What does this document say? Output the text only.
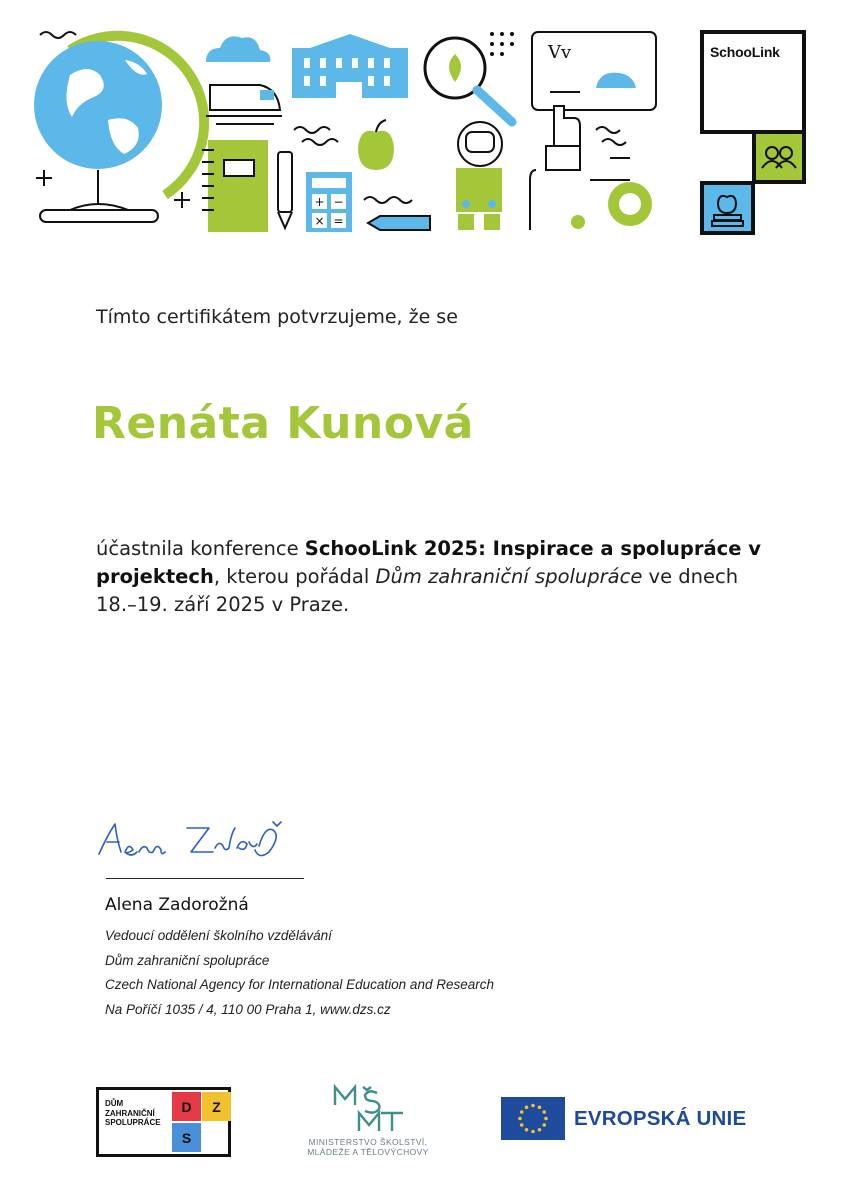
+ −
× =
Vv	SchooLink
Tímto certifikátem potvrzujeme, že se
Renáta Kunová
účastnila konference SchooLink 2025: Inspirace a spolupráce v projektech, kterou pořádal Dům zahraniční spolupráce ve dnech 18.–19. září 2025 v Praze.
Alena Zadorožná
Vedoucí oddělení školního vzdělávání
Dům zahraniční spolupráce
Czech National Agency for International Education and Research
Na Poříčí 1035 / 4, 110 00 Praha 1, www.dzs.cz
DŮM
ZAHRANIČNÍ
SPOLUPRÁCE
D	Z
S	MINISTERSTVO ŠKOLSTVÍ,
MLÁDEŽE A TĚLOVÝCHOVY
EVROPSKÁ UNIE
